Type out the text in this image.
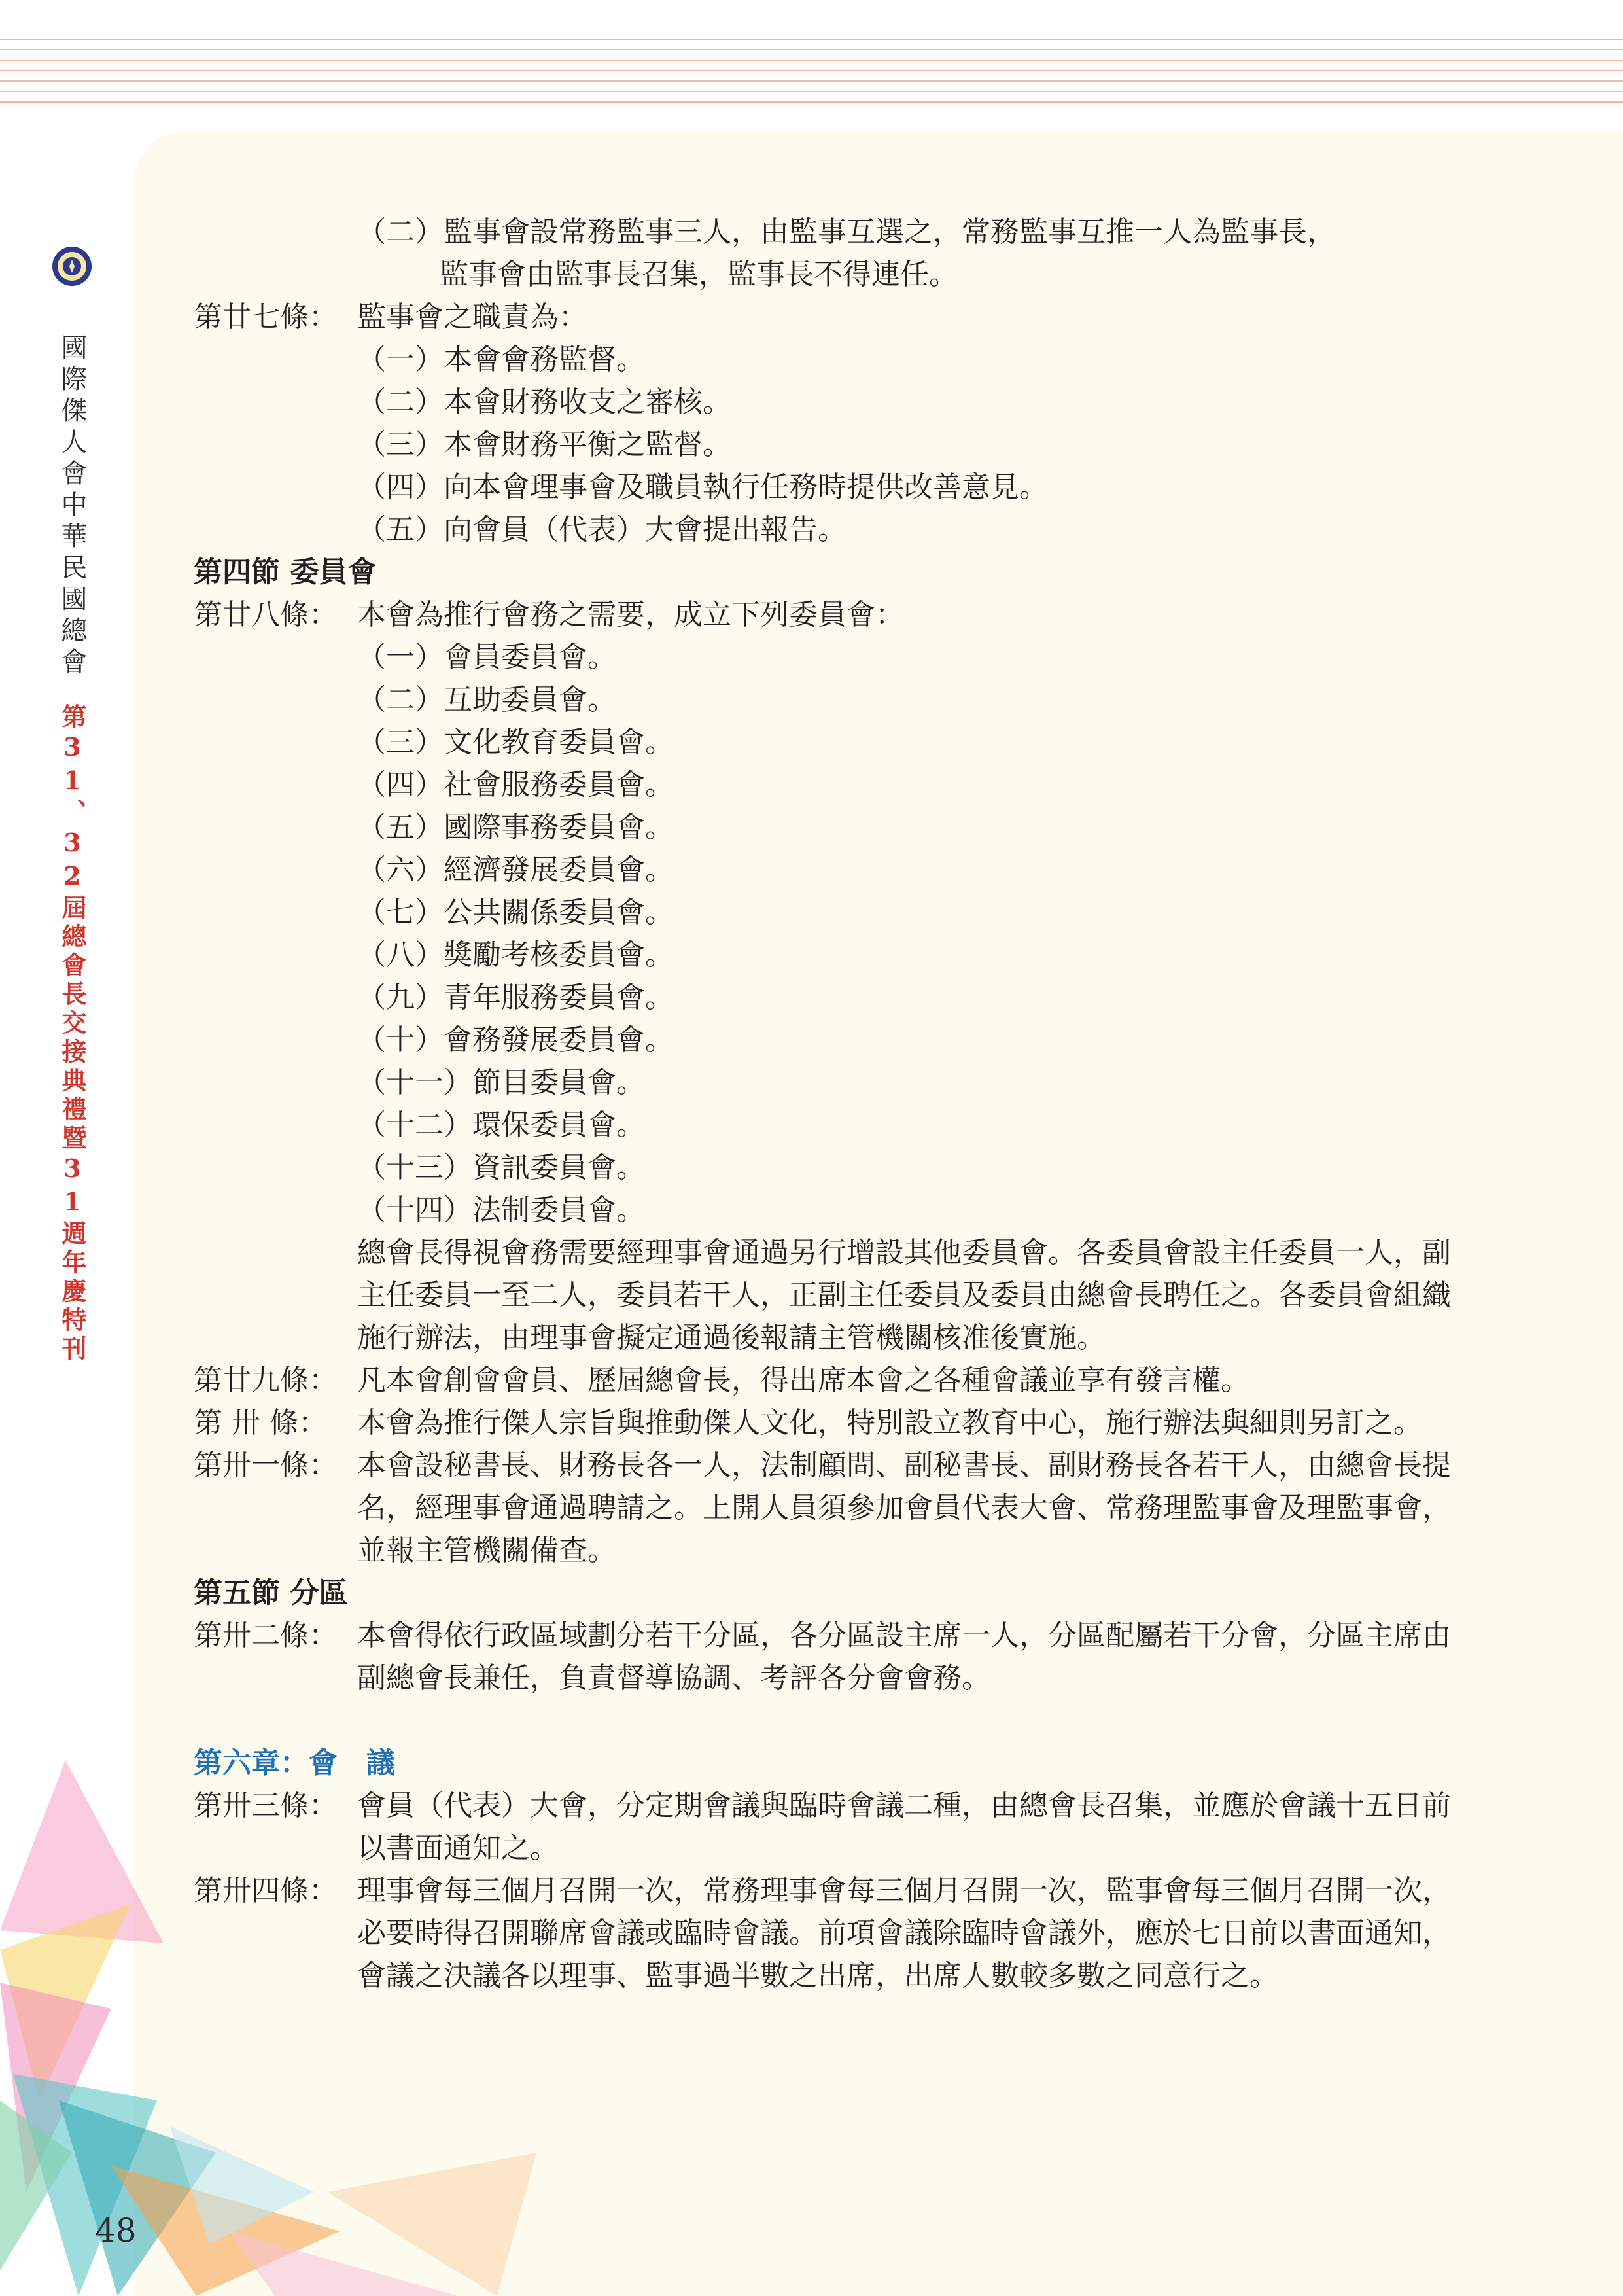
國際傑人會中華民國總會
第31、32屆總會長交接典禮暨31週年慶特刊
48
（二）監事會設常務監事三人，由監事互選之，常務監事互推一人為監事長，
監事會由監事長召集，監事長不得連任。
第廿七條： 監事會之職責為：
（一）本會會務監督。
（二）本會財務收支之審核。
（三）本會財務平衡之監督。
（四）向本會理事會及職員執行任務時提供改善意見。
（五）向會員（代表）大會提出報告。
第四節 委員會
第廿八條： 本會為推行會務之需要，成立下列委員會：
（一）會員委員會。
（二）互助委員會。
（三）文化教育委員會。
（四）社會服務委員會。
（五）國際事務委員會。
（六）經濟發展委員會。
（七）公共關係委員會。
（八）獎勵考核委員會。
（九）青年服務委員會。
（十）會務發展委員會。
（十一）節目委員會。
（十二）環保委員會。
（十三）資訊委員會。
（十四）法制委員會。
總會長得視會務需要經理事會通過另行增設其他委員會。各委員會設主任委員一人，副主任委員一至二人，委員若干人，正副主任委員及委員由總會長聘任之。各委員會組織施行辦法，由理事會擬定通過後報請主管機關核准後實施。
第廿九條： 凡本會創會會員、歷屆總會長，得出席本會之各種會議並享有發言權。
第 卅 條：	本會為推行傑人宗旨與推動傑人文化，特別設立教育中心，施行辦法與細則另訂之。
第卅一條： 本會設秘書長、財務長各一人，法制顧問、副秘書長、副財務長各若干人，由總會長提名，經理事會通過聘請之。上開人員須參加會員代表大會、常務理監事會及理監事會，並報主管機關備查。
第五節 分區
第卅二條： 本會得依行政區域劃分若干分區，各分區設主席一人，分區配屬若干分會，分區主席由副總會長兼任，負責督導協調、考評各分會會務。
第六章：會　議
第卅三條： 會員（代表）大會，分定期會議與臨時會議二種，由總會長召集，並應於會議十五日前以書面通知之。
第卅四條： 理事會每三個月召開一次，常務理事會每三個月召開一次，監事會每三個月召開一次，必要時得召開聯席會議或臨時會議。前項會議除臨時會議外，應於七日前以書面通知，會議之決議各以理事、監事過半數之出席，出席人數較多數之同意行之。
